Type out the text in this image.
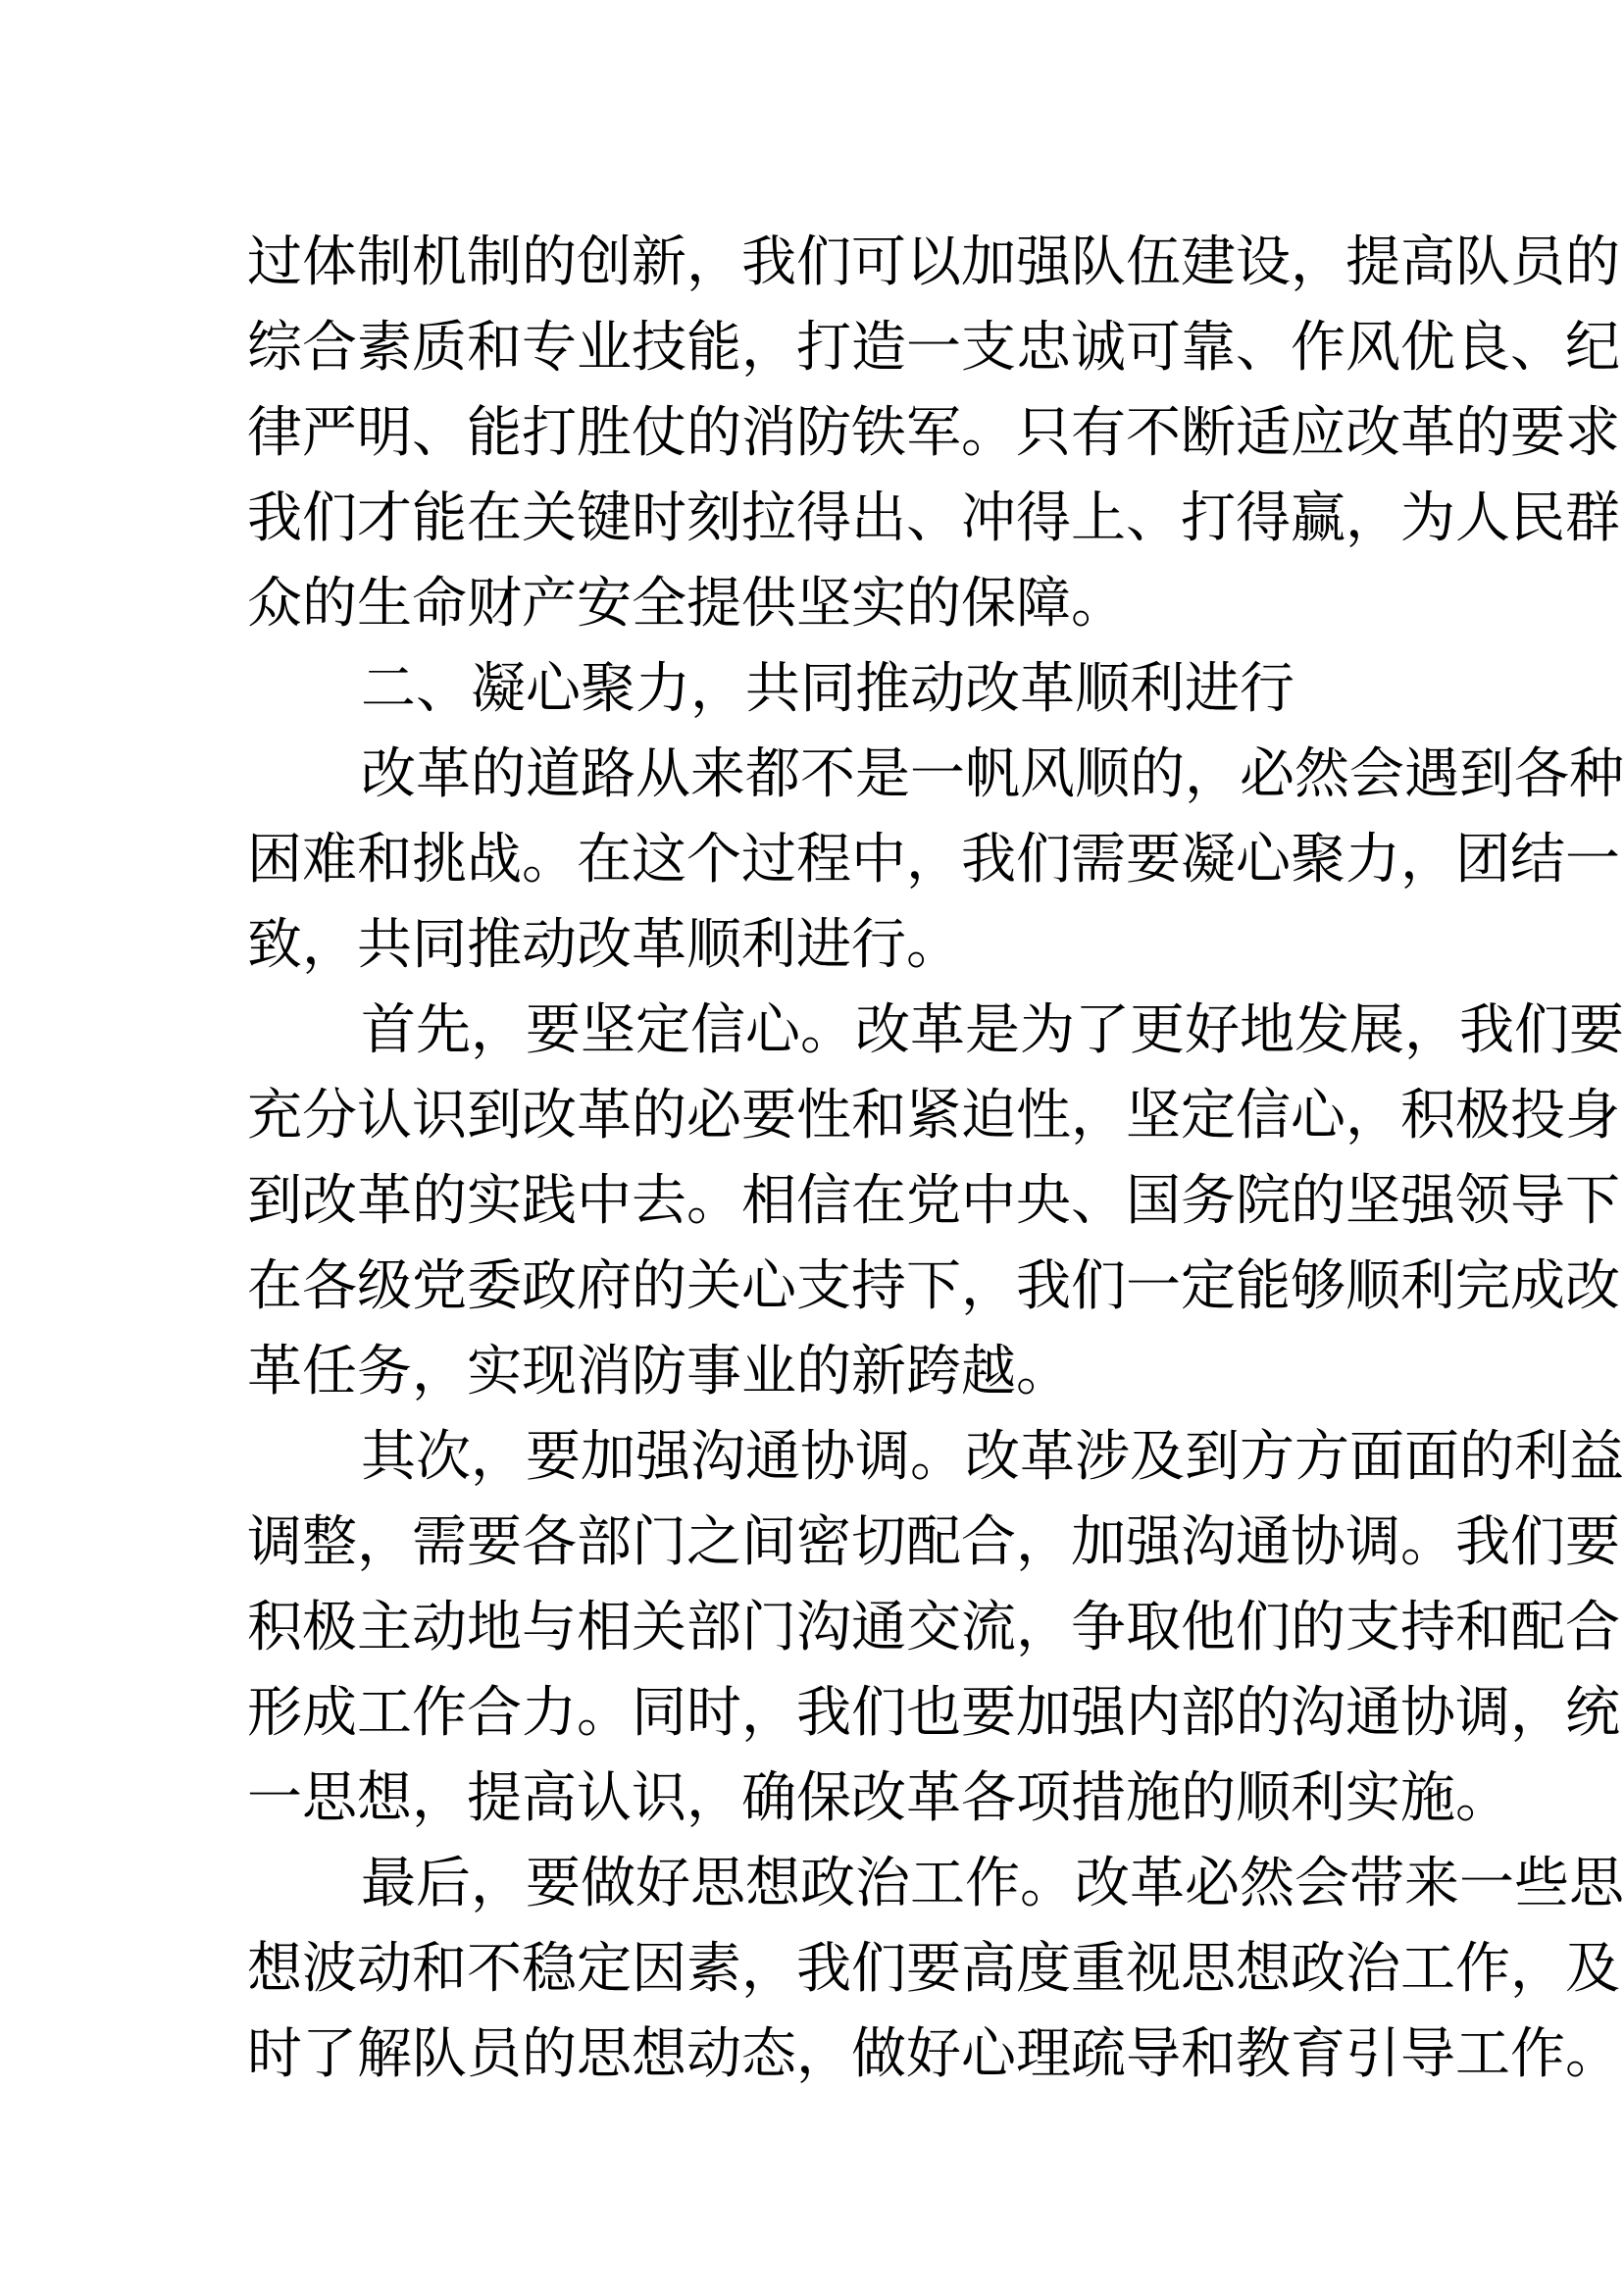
过体制机制的创新，我们可以加强队伍建设，提高队员的
综合素质和专业技能，打造一支忠诚可靠、作风优良、纪
律严明、能打胜仗的消防铁军。只有不断适应改革的要求
我们才能在关键时刻拉得出、冲得上、打得赢，为人民群
众的生命财产安全提供坚实的保障。
二、凝心聚力，共同推动改革顺利进行
改革的道路从来都不是一帆风顺的，必然会遇到各种
困难和挑战。在这个过程中，我们需要凝心聚力，团结一
致，共同推动改革顺利进行。
首先，要坚定信心。改革是为了更好地发展，我们要
充分认识到改革的必要性和紧迫性，坚定信心，积极投身
到改革的实践中去。相信在党中央、国务院的坚强领导下
在各级党委政府的关心支持下，我们一定能够顺利完成改
革任务，实现消防事业的新跨越。
其次，要加强沟通协调。改革涉及到方方面面的利益
调整，需要各部门之间密切配合，加强沟通协调。我们要
积极主动地与相关部门沟通交流，争取他们的支持和配合
形成工作合力。同时，我们也要加强内部的沟通协调，统
一思想，提高认识，确保改革各项措施的顺利实施。
最后，要做好思想政治工作。改革必然会带来一些思
想波动和不稳定因素，我们要高度重视思想政治工作，及
时了解队员的思想动态，做好心理疏导和教育引导工作。
